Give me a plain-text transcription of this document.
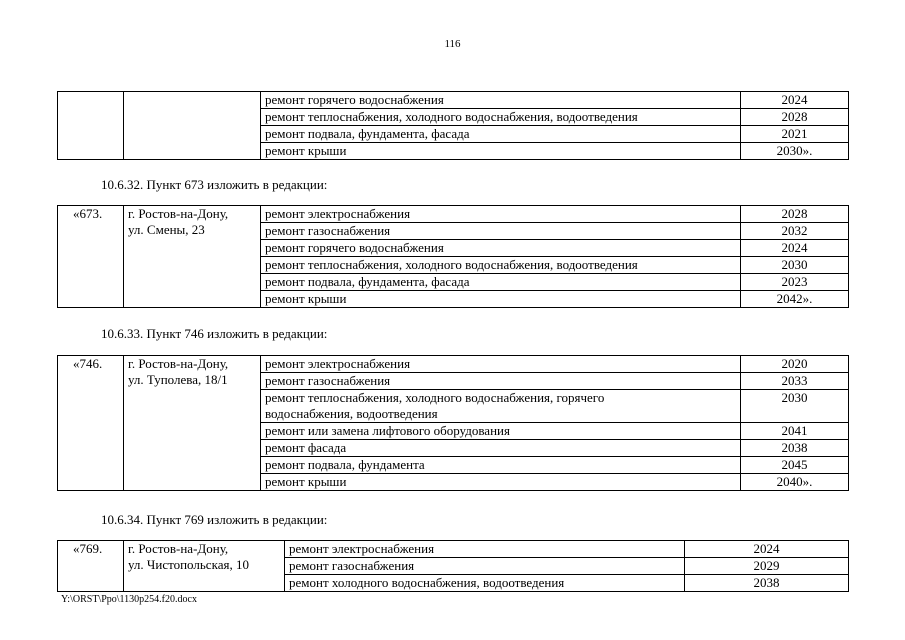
116
		ремонт горячего водоснабжения	2024
		ремонт теплоснабжения, холодного водоснабжения, водоотведения	2028
		ремонт подвала, фундамента, фасада	2021
		ремонт крыши	2030».
10.6.32. Пункт 673 изложить в редакции:
«673.	г. Ростов-на-Дону,
ул. Смены, 23	ремонт электроснабжения	2028
		ремонт газоснабжения	2032
		ремонт горячего водоснабжения	2024
		ремонт теплоснабжения, холодного водоснабжения, водоотведения	2030
		ремонт подвала, фундамента, фасада	2023
		ремонт крыши	2042».
10.6.33. Пункт 746 изложить в редакции:
«746.	г. Ростов-на-Дону,
ул. Туполева, 18/1	ремонт электроснабжения	2020
		ремонт газоснабжения	2033

		ремонт теплоснабжения, холодного водоснабжения, горячего
водоснабжения, водоотведения	2030
		ремонт или замена лифтового оборудования	2041
		ремонт фасада	2038
		ремонт подвала, фундамента	2045
		ремонт крыши	2040».
10.6.34. Пункт 769 изложить в редакции:
«769.	г. Ростов-на-Дону,
ул. Чистопольская, 10	ремонт электроснабжения	2024
		ремонт газоснабжения	2029
		ремонт холодного водоснабжения, водоотведения	2038
Y:\ORST\Ppo\1130p254.f20.docx
